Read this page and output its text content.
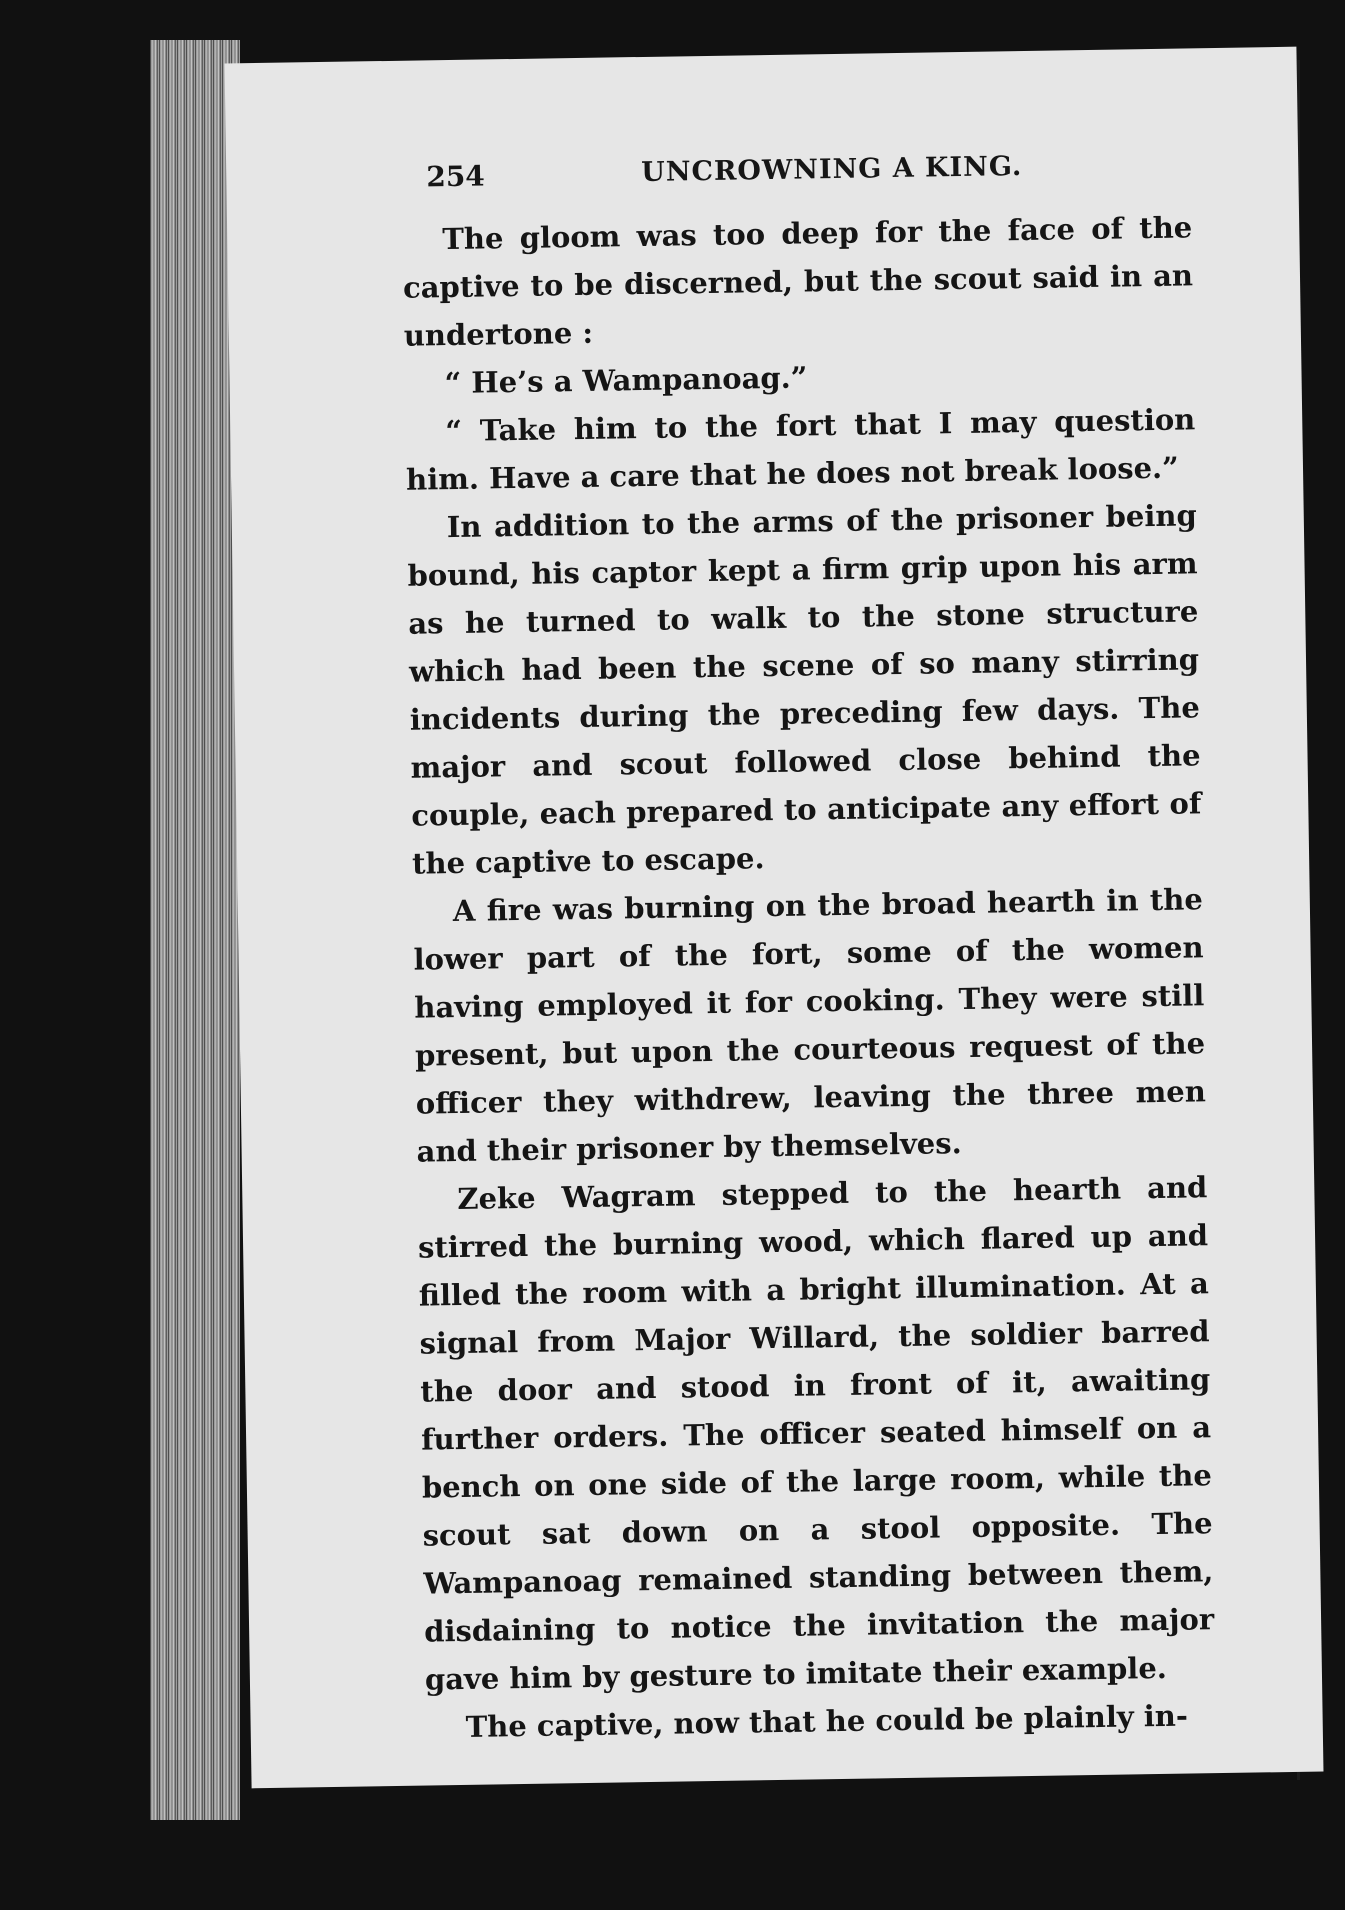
254	UNCROWNING A KING.

The gloom was too deep for the face of the captive to be discerned, but the scout said in an undertone :

“ He’s a Wampanoag.”

“ Take him to the fort that I may question him. Have a care that he does not break loose.”

In addition to the arms of the prisoner being bound, his captor kept a firm grip upon his arm as he turned to walk to the stone structure which had been the scene of so many stirring incidents during the preceding few days. The major and scout followed close behind the couple, each prepared to anticipate any effort of the captive to escape.

A fire was burning on the broad hearth in the lower part of the fort, some of the women having employed it for cooking. They were still present, but upon the courteous request of the officer they withdrew, leaving the three men and their prisoner by themselves.

Zeke Wagram stepped to the hearth and stirred the burning wood, which flared up and filled the room with a bright illumination. At a signal from Major Willard, the soldier barred the door and stood in front of it, awaiting further orders. The officer seated himself on a bench on one side of the large room, while the scout sat down on a stool opposite. The Wampanoag remained standing between them, disdaining to notice the invitation the major gave him by gesture to imitate their example.

The captive, now that he could be plainly in-
